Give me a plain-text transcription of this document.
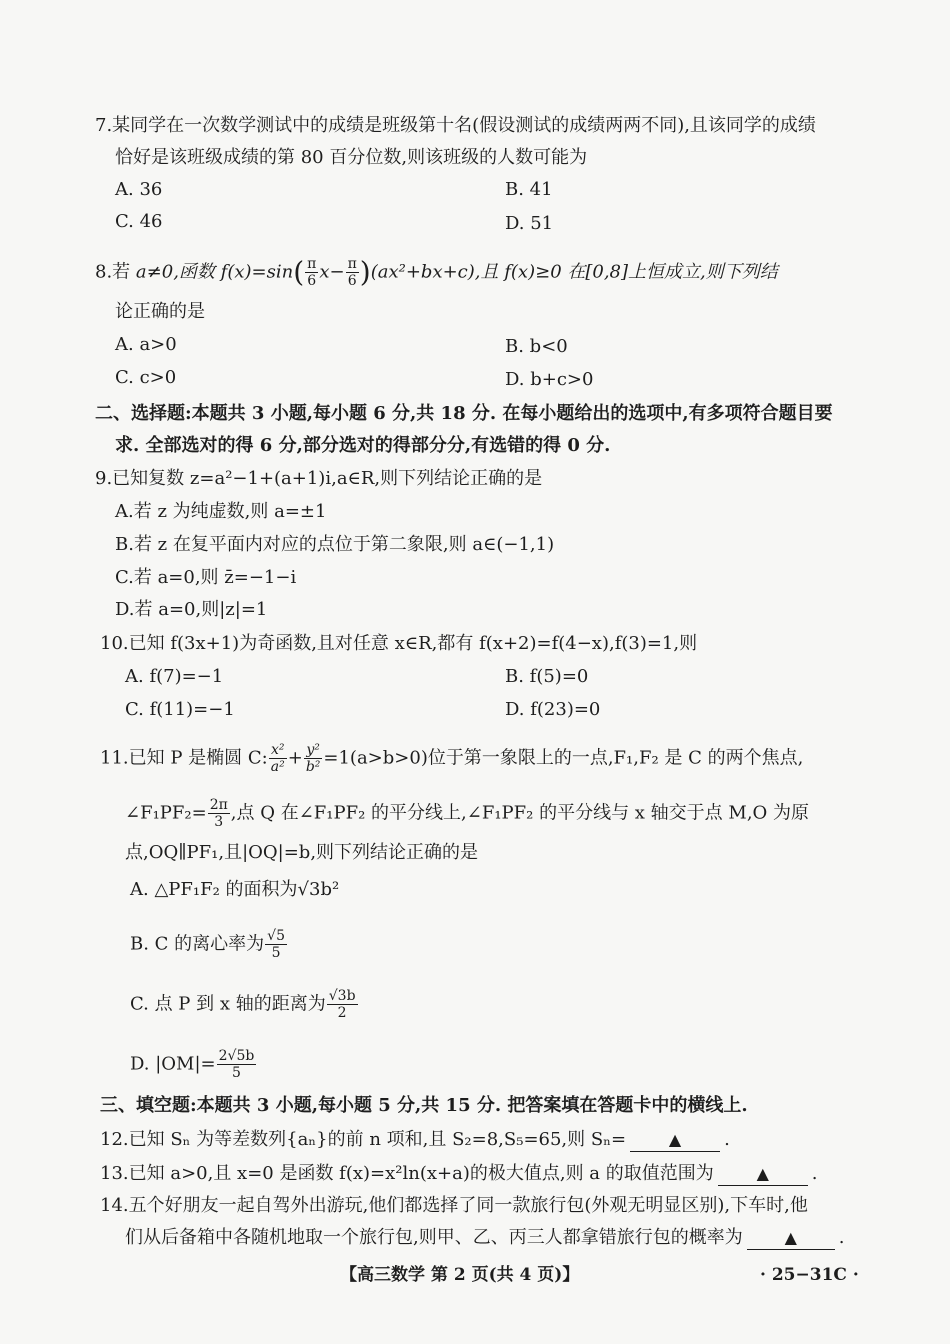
7.某同学在一次数学测试中的成绩是班级第十名(假设测试的成绩两两不同),且该同学的成绩
恰好是该班级成绩的第 80 百分位数,则该班级的人数可能为
A. 36	B. 41
C. 46	D. 51
8.若 a≠0,函数 $f(x)=\sin( \frac{\pi}{6} x- \frac{\pi}{6} )(ax^2+bx+c)$,且 f(x)≥0 在[0,8]上恒成立,则下列结
论正确的是
A. a>0	B. b<0
C. c>0	D. b+c>0
二、选择题:本题共 3 小题,每小题 6 分,共 18 分. 在每小题给出的选项中,有多项符合题目要
求. 全部选对的得 6 分,部分选对的得部分分,有选错的得 0 分.
9.已知复数 z=a²−1+(a+1)i,a∈R,则下列结论正确的是
A.若 z 为纯虚数,则 a=±1
B.若 z 在复平面内对应的点位于第二象限,则 a∈(−1,1)
C.若 a=0,则 z̄=−1−i
D.若 a=0,则|z|=1
10.已知 f(3x+1)为奇函数,且对任意 x∈R,都有 f(x+2)=f(4−x),f(3)=1,则
A. f(7)=−1	B. f(5)=0
C. f(11)=−1	D. f(23)=0
11.已知 P 是椭圆 C: $\frac{\text{x²}}{\text{a²}} + \frac{\text{y²}}{\text{b²}} =1(a>b>0)$位于第一象限上的一点,F₁,F₂ 是 C 的两个焦点,
∠F₁PF₂= $\frac{2\pi}{3}$ ,点 Q 在∠F₁PF₂ 的平分线上,∠F₁PF₂ 的平分线与 x 轴交于点 M,O 为原
点,OQ∥PF₁,且|OQ|=b,则下列结论正确的是
A. △PF₁F₂ 的面积为√3b²
B. C 的离心率为 $\frac{√5}{5}$
C. 点 P 到 x 轴的距离为 $\frac{√3b}{2}$
D. $|OM|= \frac{2√5b}{5}$
三、填空题:本题共 3 小题,每小题 5 分,共 15 分. 把答案填在答题卡中的横线上.
12.已知 Sₙ 为等差数列{aₙ}的前 n 项和,且 S₂=8,S₅=65,则 Sₙ=	▲ .
13.已知 a>0,且 x=0 是函数 f(x)=x²ln(x+a)的极大值点,则 a 的取值范围为	▲ .
14.五个好朋友一起自驾外出游玩,他们都选择了同一款旅行包(外观无明显区别),下车时,他
们从后备箱中各随机地取一个旅行包,则甲、乙、丙三人都拿错旅行包的概率为	▲ .
【高三数学 第 2 页(共 4 页)】	· 25−31C ·
